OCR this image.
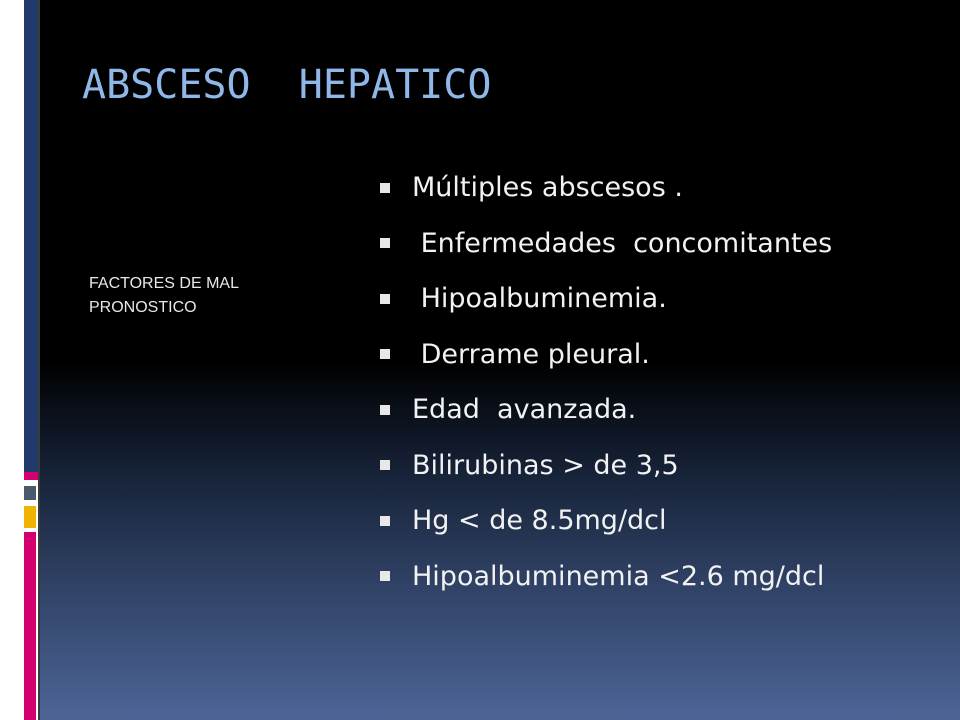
ABSCESO  HEPATICO
FACTORES DE MAL PRONOSTICO
Múltiples abscesos .
Enfermedades  concomitantes
Hipoalbuminemia.
Derrame pleural.
Edad  avanzada.
Bilirubinas > de 3,5
Hg < de 8.5mg/dcl
Hipoalbuminemia <2.6 mg/dcl
